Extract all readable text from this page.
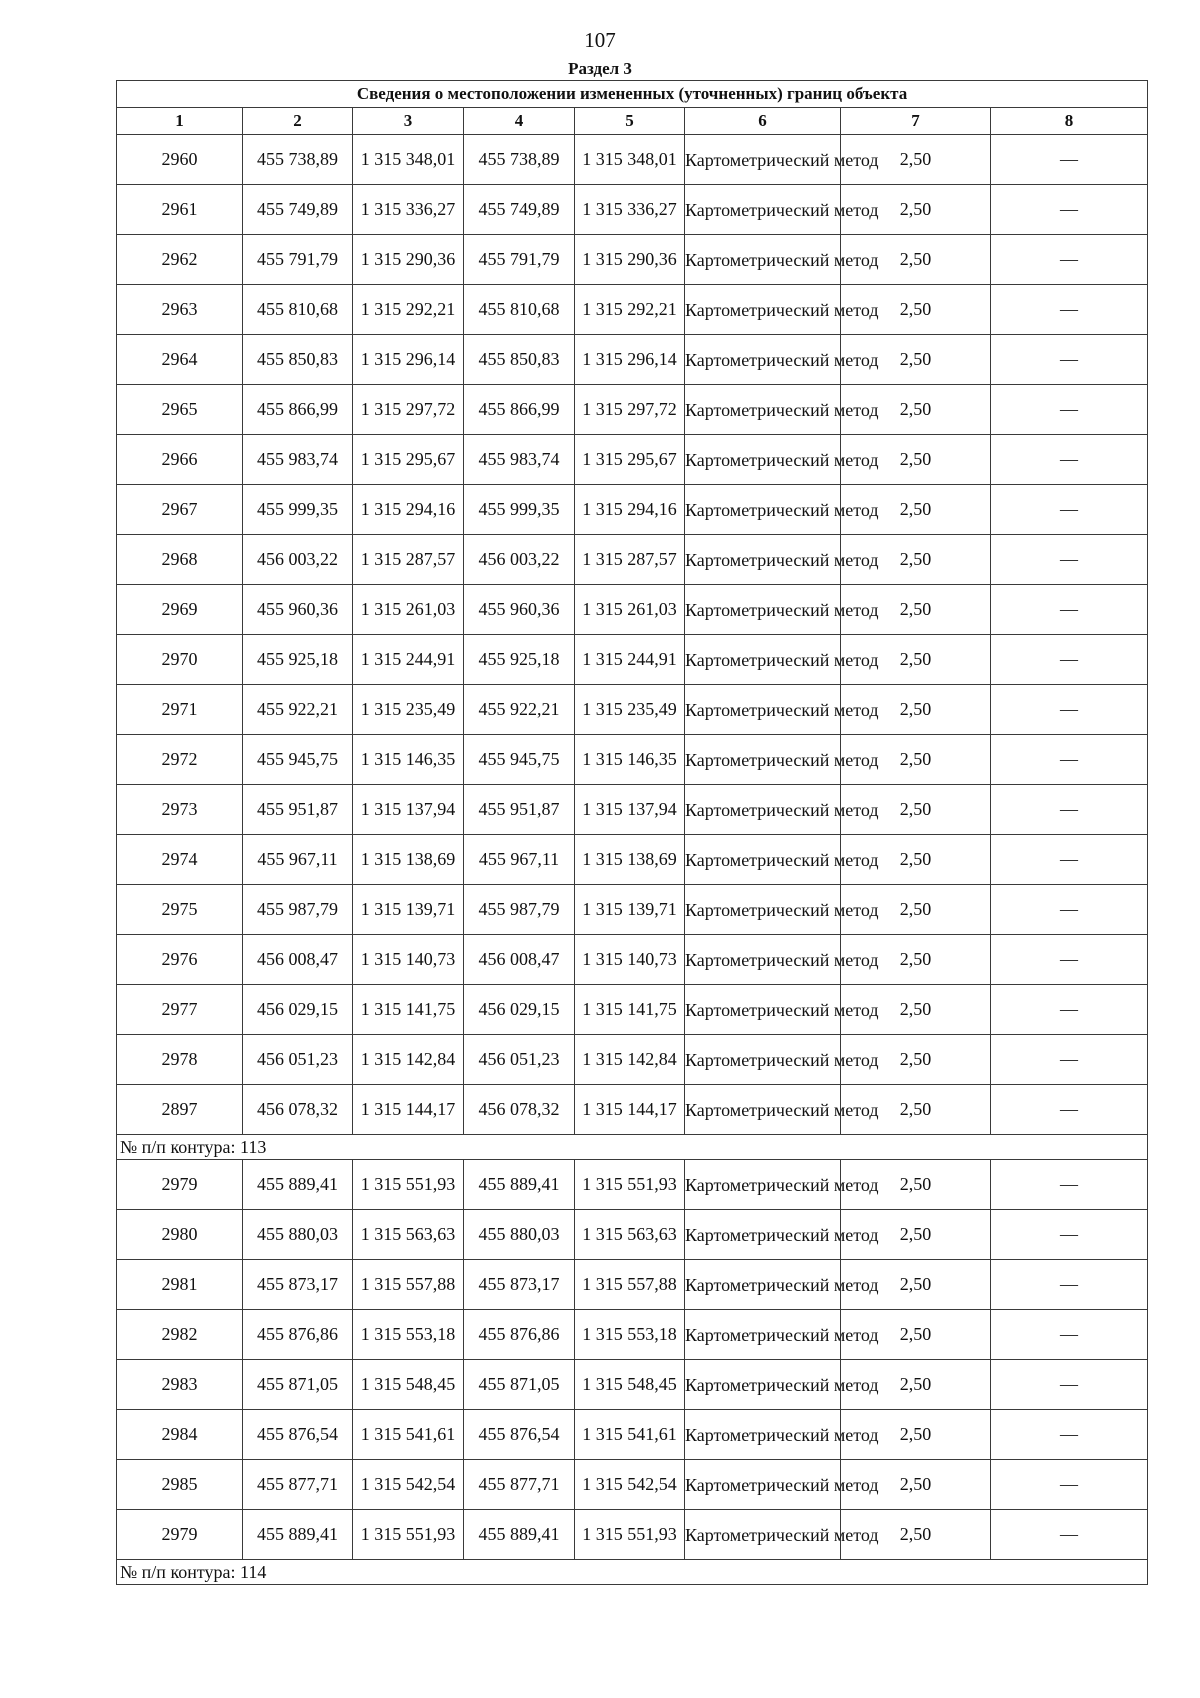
107
Раздел 3
Сведения о местоположении измененных (уточненных) границ объекта							
1	2	3	4	5	6	7	8
2960	455 738,89	1 315 348,01	455 738,89	1 315 348,01	Картометрический метод	2,50	—
2961	455 749,89	1 315 336,27	455 749,89	1 315 336,27	Картометрический метод	2,50	—
2962	455 791,79	1 315 290,36	455 791,79	1 315 290,36	Картометрический метод	2,50	—
2963	455 810,68	1 315 292,21	455 810,68	1 315 292,21	Картометрический метод	2,50	—
2964	455 850,83	1 315 296,14	455 850,83	1 315 296,14	Картометрический метод	2,50	—
2965	455 866,99	1 315 297,72	455 866,99	1 315 297,72	Картометрический метод	2,50	—
2966	455 983,74	1 315 295,67	455 983,74	1 315 295,67	Картометрический метод	2,50	—
2967	455 999,35	1 315 294,16	455 999,35	1 315 294,16	Картометрический метод	2,50	—
2968	456 003,22	1 315 287,57	456 003,22	1 315 287,57	Картометрический метод	2,50	—
2969	455 960,36	1 315 261,03	455 960,36	1 315 261,03	Картометрический метод	2,50	—
2970	455 925,18	1 315 244,91	455 925,18	1 315 244,91	Картометрический метод	2,50	—
2971	455 922,21	1 315 235,49	455 922,21	1 315 235,49	Картометрический метод	2,50	—
2972	455 945,75	1 315 146,35	455 945,75	1 315 146,35	Картометрический метод	2,50	—
2973	455 951,87	1 315 137,94	455 951,87	1 315 137,94	Картометрический метод	2,50	—
2974	455 967,11	1 315 138,69	455 967,11	1 315 138,69	Картометрический метод	2,50	—
2975	455 987,79	1 315 139,71	455 987,79	1 315 139,71	Картометрический метод	2,50	—
2976	456 008,47	1 315 140,73	456 008,47	1 315 140,73	Картометрический метод	2,50	—
2977	456 029,15	1 315 141,75	456 029,15	1 315 141,75	Картометрический метод	2,50	—
2978	456 051,23	1 315 142,84	456 051,23	1 315 142,84	Картометрический метод	2,50	—
2897	456 078,32	1 315 144,17	456 078,32	1 315 144,17	Картометрический метод	2,50	—
№ п/п контура: 113							
2979	455 889,41	1 315 551,93	455 889,41	1 315 551,93	Картометрический метод	2,50	—
2980	455 880,03	1 315 563,63	455 880,03	1 315 563,63	Картометрический метод	2,50	—
2981	455 873,17	1 315 557,88	455 873,17	1 315 557,88	Картометрический метод	2,50	—
2982	455 876,86	1 315 553,18	455 876,86	1 315 553,18	Картометрический метод	2,50	—
2983	455 871,05	1 315 548,45	455 871,05	1 315 548,45	Картометрический метод	2,50	—
2984	455 876,54	1 315 541,61	455 876,54	1 315 541,61	Картометрический метод	2,50	—
2985	455 877,71	1 315 542,54	455 877,71	1 315 542,54	Картометрический метод	2,50	—
2979	455 889,41	1 315 551,93	455 889,41	1 315 551,93	Картометрический метод	2,50	—
№ п/п контура: 114							
